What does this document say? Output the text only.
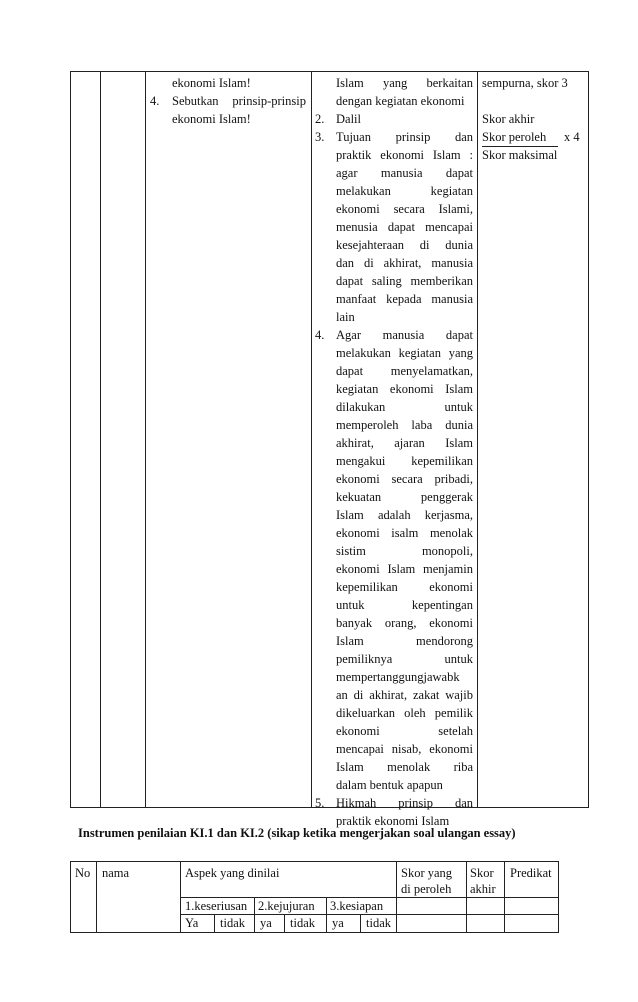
ekonomi Islam!
4. Sebutkan prinsip-prinsip
ekonomi Islam!
Islam yang berkaitan
dengan kegiatan ekonomi
2. Dalil
3. Tujuan prinsip dan
praktik ekonomi Islam :
agar manusia dapat
melakukan kegiatan
ekonomi secara Islami,
menusia dapat mencapai
kesejahteraan di dunia
dan di akhirat, manusia
dapat saling memberikan
manfaat kepada manusia
lain
4. Agar manusia dapat
melakukan kegiatan yang
dapat menyelamatkan,
kegiatan ekonomi Islam
dilakukan untuk
memperoleh laba dunia
akhirat, ajaran Islam
mengakui kepemilikan
ekonomi secara pribadi,
kekuatan penggerak
Islam adalah kerjasma,
ekonomi isalm menolak
sistim monopoli,
ekonomi Islam menjamin
kepemilikan ekonomi
untuk kepentingan
banyak orang, ekonomi
Islam mendorong
pemiliknya untuk
mempertanggungjawabk
an di akhirat, zakat wajib
dikeluarkan oleh pemilik
ekonomi setelah
mencapai nisab, ekonomi
Islam menolak riba
dalam bentuk apapun
5. Hikmah prinsip dan
praktik ekonomi Islam
sempurna, skor 3
Skor akhir
Skor peroleh x 4
Skor maksimal
Instrumen penilaian KI.1 dan KI.2 (sikap ketika mengerjakan soal ulangan essay)
No nama	Aspek yang dinilai	Skor yang
di peroleh
Skor
akhir
Predikat
1.keseriusan 2.kejujuran 3.kesiapan
Ya tidak ya tidak ya tidak
